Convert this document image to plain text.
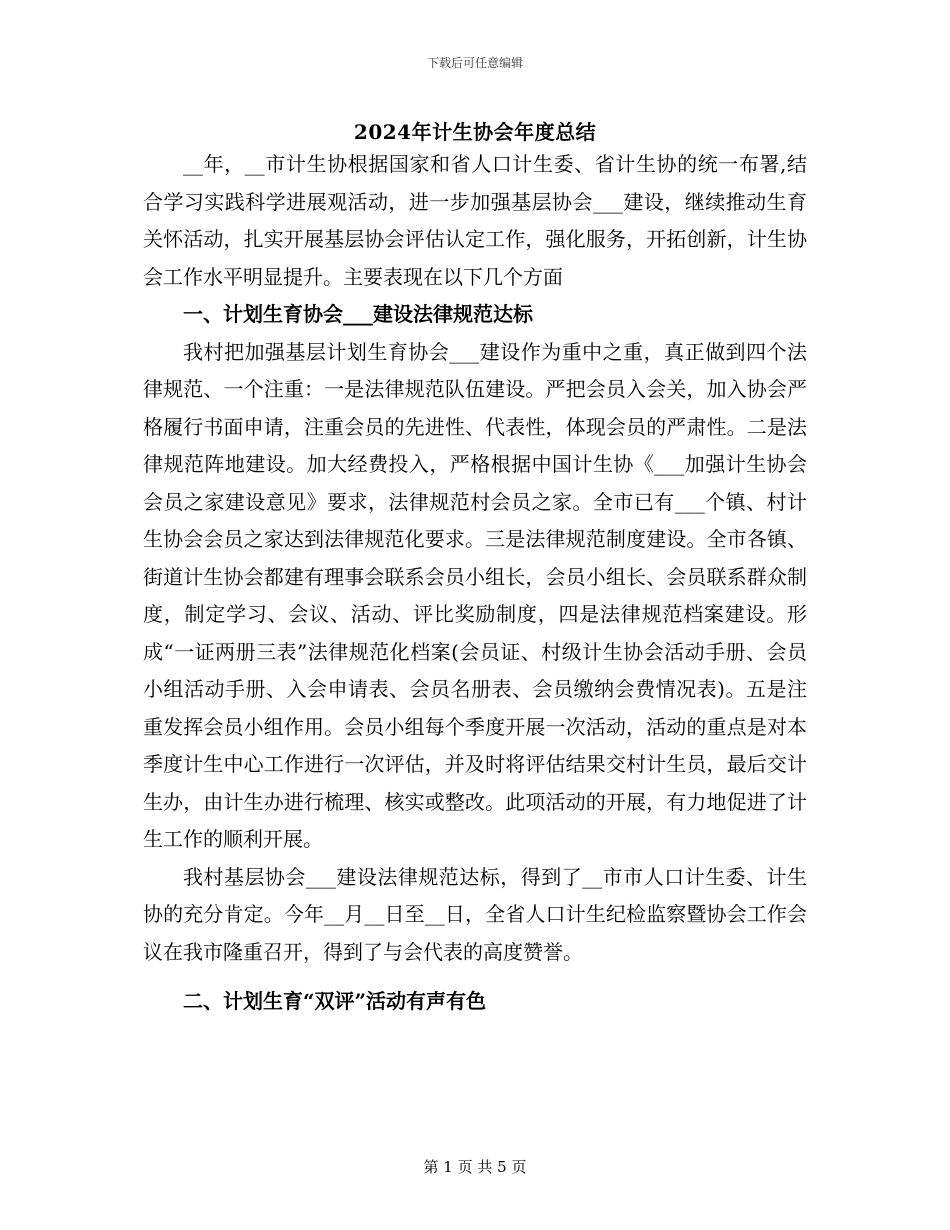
下载后可任意编辑
2024年计生协会年度总结

__年，__市计生协根据国家和省人口计生委、省计生协的统一布署,结合学习实践科学进展观活动，进一步加强基层协会___建设，继续推动生育关怀活动，扎实开展基层协会评估认定工作，强化服务，开拓创新，计生协会工作水平明显提升。主要表现在以下几个方面

一、计划生育协会___建设法律规范达标

我村把加强基层计划生育协会___建设作为重中之重，真正做到四个法律规范、一个注重：一是法律规范队伍建设。严把会员入会关，加入协会严格履行书面申请，注重会员的先进性、代表性，体现会员的严肃性。二是法律规范阵地建设。加大经费投入，严格根据中国计生协《___加强计生协会会员之家建设意见》要求，法律规范村会员之家。全市已有___个镇、村计生协会会员之家达到法律规范化要求。三是法律规范制度建设。全市各镇、街道计生协会都建有理事会联系会员小组长，会员小组长、会员联系群众制度，制定学习、会议、活动、评比奖励制度，四是法律规范档案建设。形成“一证两册三表”法律规范化档案(会员证、村级计生协会活动手册、会员小组活动手册、入会申请表、会员名册表、会员缴纳会费情况表)。五是注重发挥会员小组作用。会员小组每个季度开展一次活动，活动的重点是对本季度计生中心工作进行一次评估，并及时将评估结果交村计生员，最后交计生办，由计生办进行梳理、核实或整改。此项活动的开展，有力地促进了计生工作的顺利开展。

我村基层协会___建设法律规范达标，得到了__市市人口计生委、计生协的充分肯定。今年__月__日至__日，全省人口计生纪检监察暨协会工作会议在我市隆重召开，得到了与会代表的高度赞誉。

二、计划生育“双评”活动有声有色
第 1 页 共 5 页
